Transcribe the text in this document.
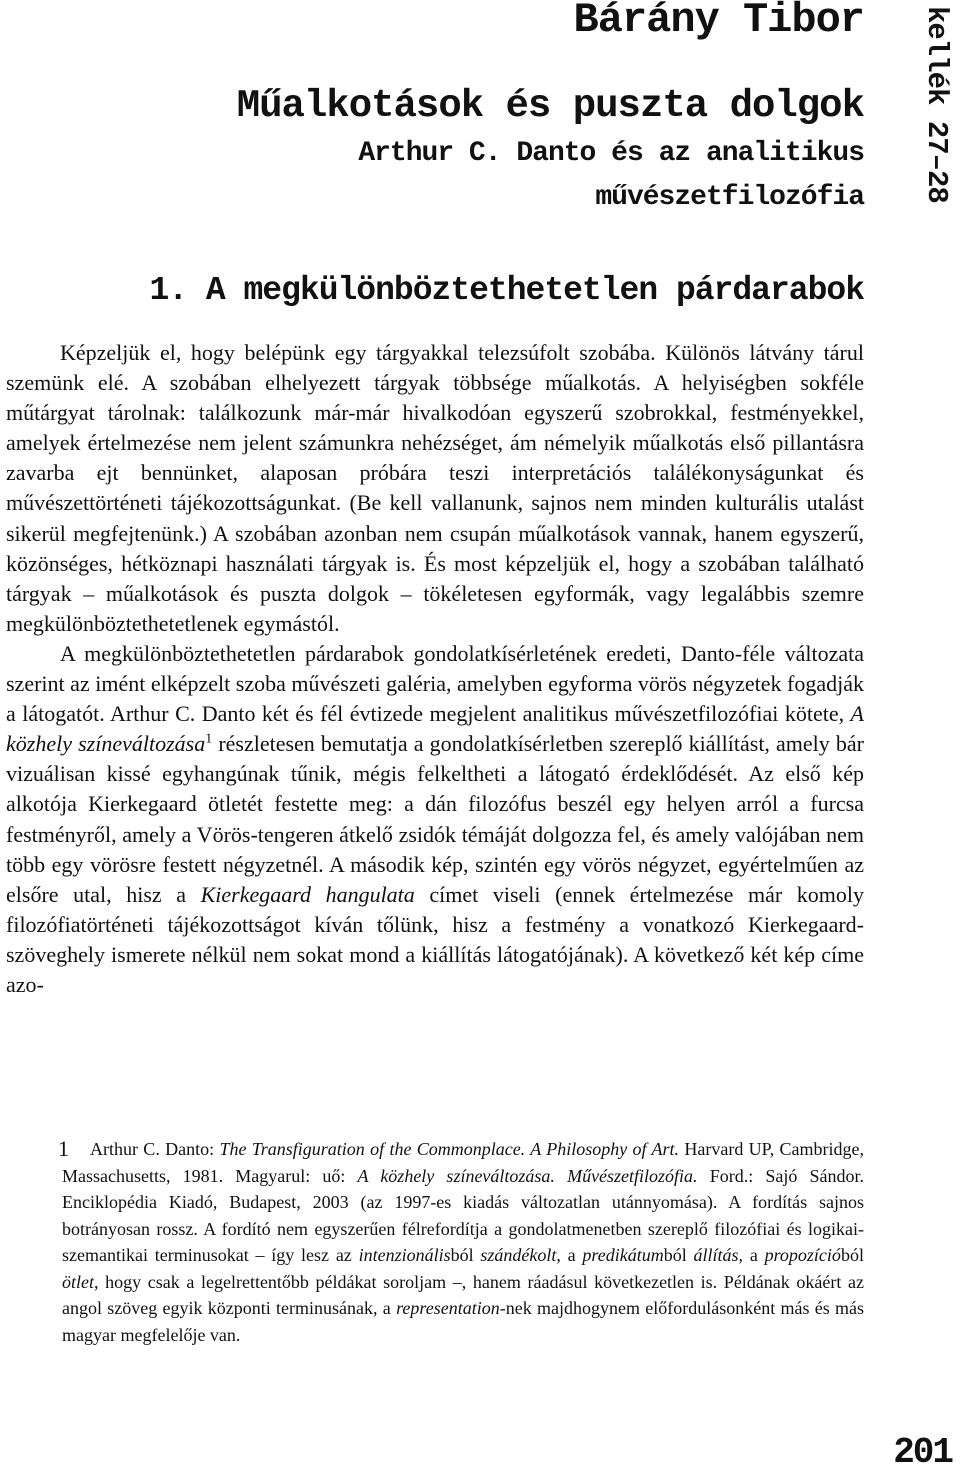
Bárány Tibor kellék 27–28
Műalkotások és puszta dolgok
Arthur C. Danto és az analitikus
művészetfilozófia
1. A megkülönböztethetetlen párdarabok

Képzeljük el, hogy belépünk egy tárgyakkal telezsúfolt szobába. Különös látvány tárul szemünk elé. A szobában elhelyezett tárgyak többsége műalkotás. A helyiségben sokféle műtárgyat tárolnak: találkozunk már-már hivalkodóan egyszerű szobrokkal, festményekkel, amelyek értelmezése nem jelent számunkra nehézséget, ám némelyik műalkotás első pillantásra zavarba ejt bennünket, alaposan próbára teszi interpretációs találékonyságunkat és művészettörténeti tájékozottságunkat. (Be kell vallanunk, sajnos nem minden kulturális utalást sikerül megfejtenünk.) A szobában azonban nem csupán műalkotások vannak, hanem egyszerű, közönséges, hétköznapi használati tárgyak is. És most képzeljük el, hogy a szobában található tárgyak – műalkotások és puszta dolgok – tökéletesen egyformák, vagy legalábbis szemre megkülönböztethetetlenek egymástól.

A megkülönböztethetetlen párdarabok gondolatkísérletének eredeti, Danto-féle változata szerint az imént elképzelt szoba művészeti galéria, amelyben egyforma vörös négyzetek fogadják a látogatót. Arthur C. Danto két és fél évtizede megjelent analitikus művészetfilozófiai kötete, A közhely színeváltozása$^1$ részletesen bemutatja a gondolatkísérletben szereplő kiállítást, amely bár vizuálisan kissé egyhangúnak tűnik, mégis felkeltheti a látogató érdeklődését. Az első kép alkotója Kierkegaard ötletét festette meg: a dán filozófus beszél egy helyen arról a furcsa festményről, amely a Vörös-tengeren átkelő zsidók témáját dolgozza fel, és amely valójában nem több egy vörösre festett négyzetnél. A második kép, szintén egy vörös négyzet, egyértelműen az elsőre utal, hisz a Kierkegaard hangulata címet viseli (ennek értelmezése már komoly filozófiatörténeti tájékozottságot kíván tőlünk, hisz a festmény a vonatkozó Kierkegaard-szöveghely ismerete nélkül nem sokat mond a kiállítás látogatójának). A következő két kép címe azo-

1	Arthur C. Danto: The Transfiguration of the Commonplace. A Philosophy of Art. Harvard UP, Cambridge, Massachusetts, 1981. Magyarul: uő: A közhely színeváltozása. Művészetfilozófia. Ford.: Sajó Sándor. Enciklopédia Kiadó, Budapest, 2003 (az 1997-es kiadás változatlan utánnyomása). A fordítás sajnos botrányosan rossz. A fordító nem egyszerűen félrefordítja a gondolatmenetben szereplő filozófiai és logikai-szemantikai terminusokat – így lesz az intenzionálisból szándékolt, a predikátumból állítás, a propozícióból ötlet, hogy csak a legelrettentőbb példákat soroljam –, hanem ráadásul következetlen is. Példának okáért az angol szöveg egyik központi terminusának, a representation-nek majdhogynem előfordulásonként más és más magyar megfelelője van.
201
